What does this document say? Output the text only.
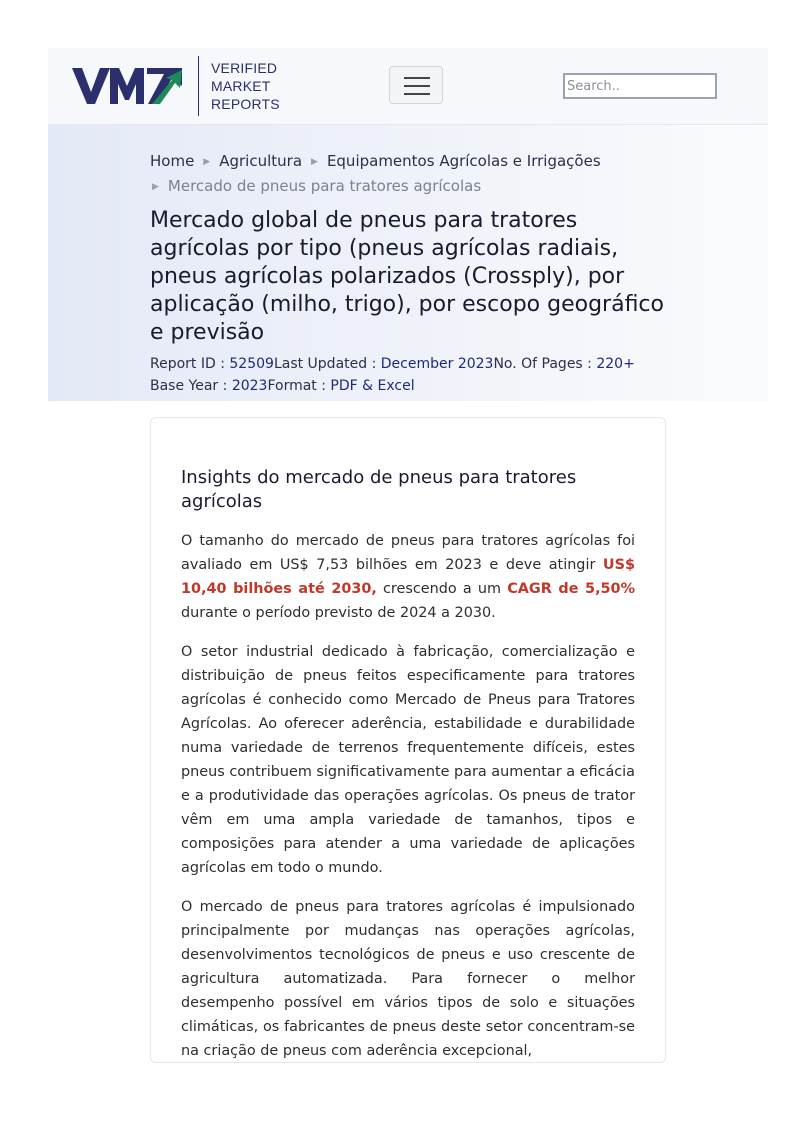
VERIFIED
MARKET
REPORTS
Search..
Home ▶ Agricultura ▶ Equipamentos Agrícolas e Irrigações
▶ Mercado de pneus para tratores agrícolas
Mercado global de pneus para tratores agrícolas por tipo (pneus agrícolas radiais, pneus agrícolas polarizados (Crossply), por aplicação (milho, trigo), por escopo geográfico e previsão
Report ID : 52509Last Updated : December 2023No. Of Pages : 220+
Base Year : 2023Format : PDF & Excel
Insights do mercado de pneus para tratores agrícolas

O tamanho do mercado de pneus para tratores agrícolas foi avaliado em US$ 7,53 bilhões em 2023 e deve atingir US$ 10,40 bilhões até 2030, crescendo a um CAGR de 5,50% durante o período previsto de 2024 a 2030.

O setor industrial dedicado à fabricação, comercialização e distribuição de pneus feitos especificamente para tratores agrícolas é conhecido como Mercado de Pneus para Tratores Agrícolas. Ao oferecer aderência, estabilidade e durabilidade numa variedade de terrenos frequentemente difíceis, estes pneus contribuem significativamente para aumentar a eficácia e a produtividade das operações agrícolas. Os pneus de trator vêm em uma ampla variedade de tamanhos, tipos e composições para atender a uma variedade de aplicações agrícolas em todo o mundo.

O mercado de pneus para tratores agrícolas é impulsionado principalmente por mudanças nas operações agrícolas, desenvolvimentos tecnológicos de pneus e uso crescente de agricultura automatizada. Para fornecer o melhor desempenho possível em vários tipos de solo e situações climáticas, os fabricantes de pneus deste setor concentram-se na criação de pneus com aderência excepcional,
